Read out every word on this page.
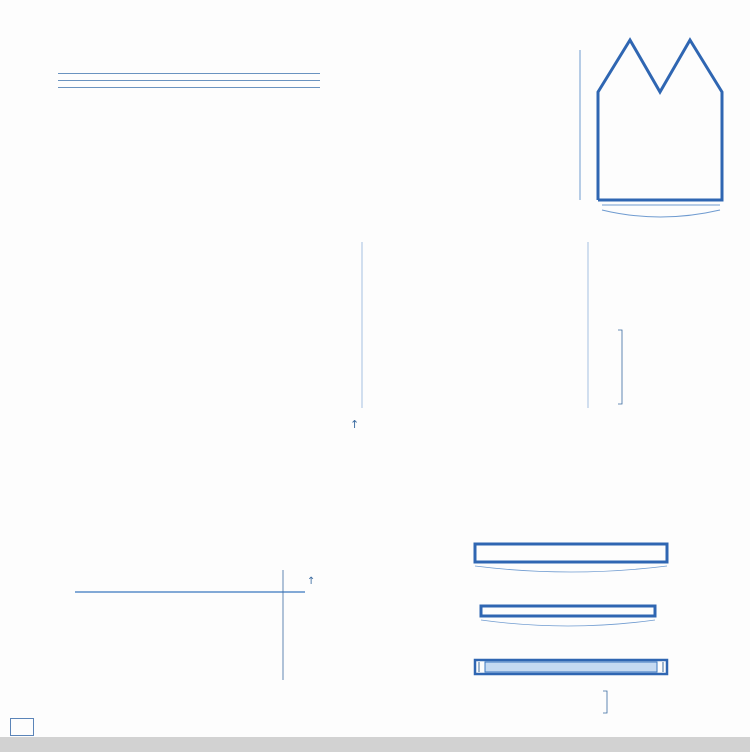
↑
↑
